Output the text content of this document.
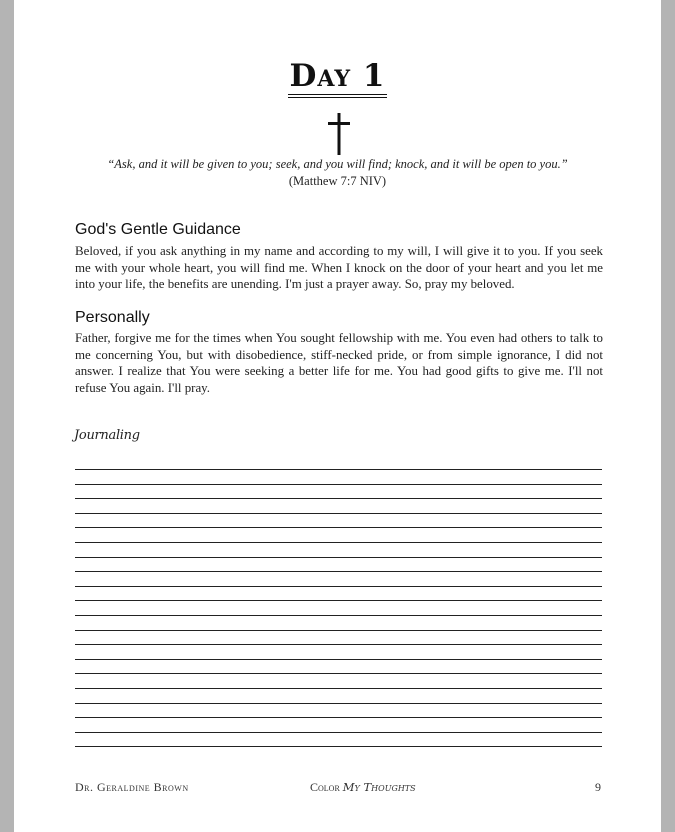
Day 1
“Ask, and it will be given to you; seek, and you will find; knock, and it will be open to you.”
(Matthew 7:7 NIV)
God's Gentle Guidance
Beloved, if you ask anything in my name and according to my will, I will give it to you. If you seek me with your whole heart, you will find me. When I knock on the door of your heart and you let me into your life, the benefits are unending. I'm just a prayer away. So, pray my beloved.
Personally
Father, forgive me for the times when You sought fellowship with me. You even had others to talk to me concerning You, but with disobedience, stiff-necked pride, or from simple ignorance, I did not answer. I realize that You were seeking a better life for me. You had good gifts to give me. I'll not refuse You again. I'll pray.
Journaling
Dr. Geraldine Brown	Color My Thoughts	9
